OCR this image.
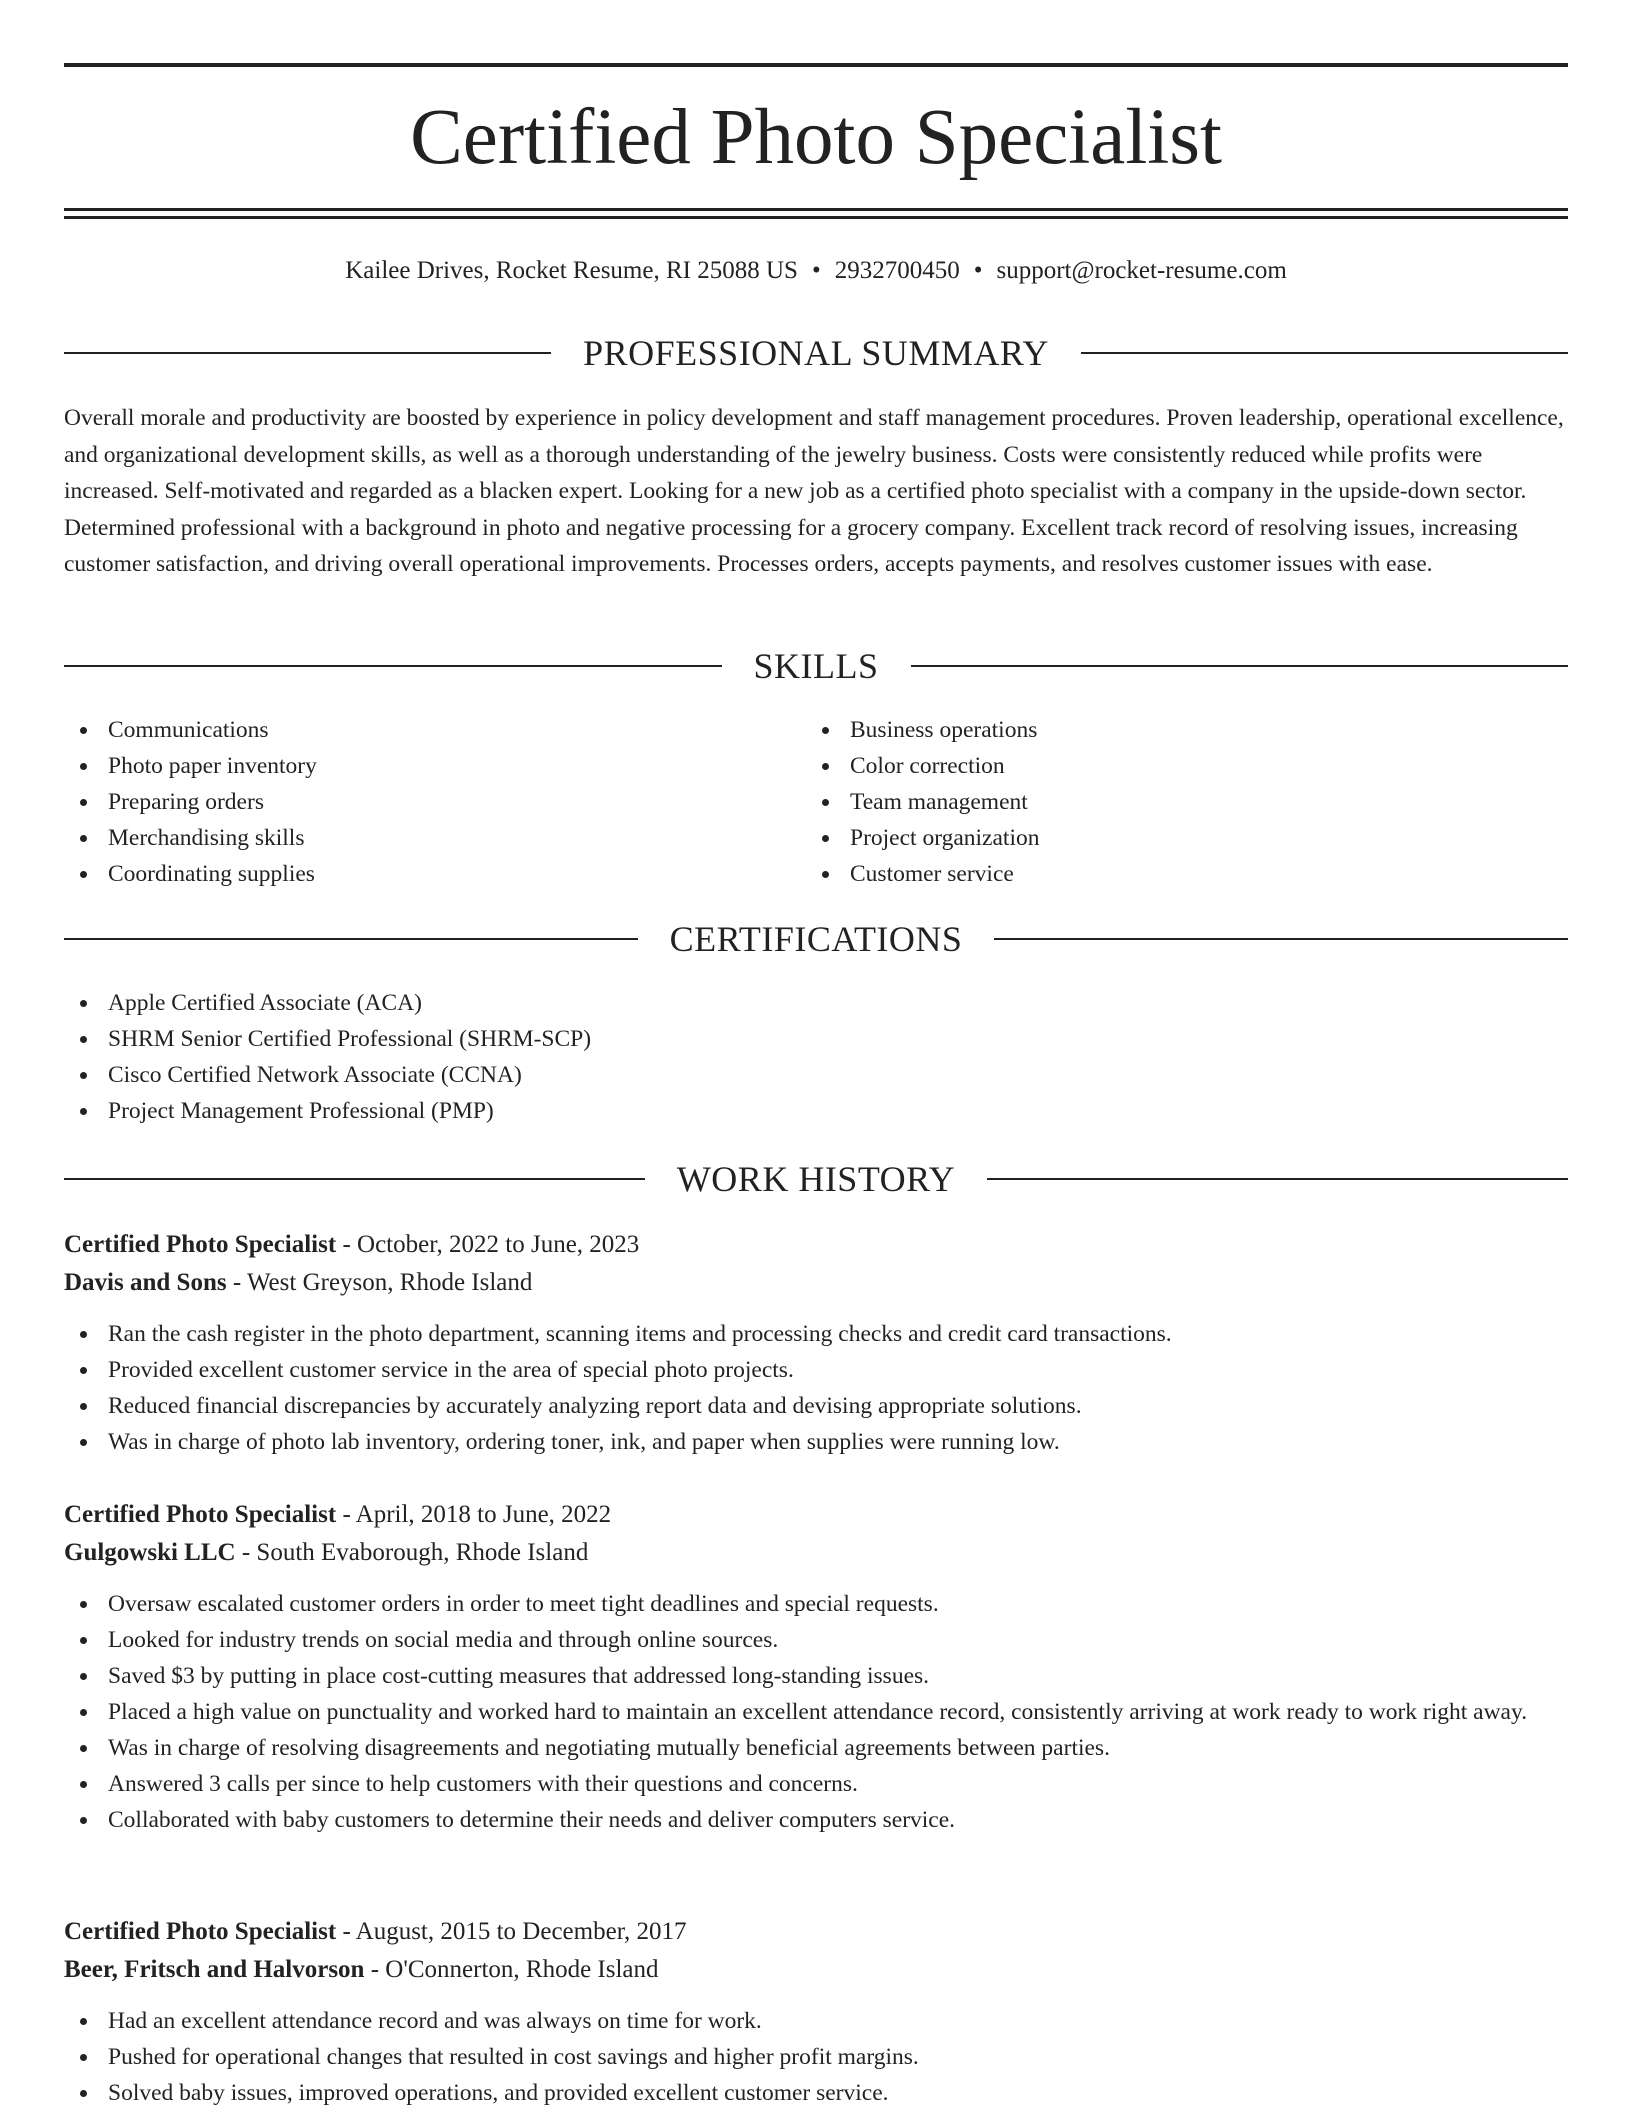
Certified Photo Specialist
Kailee Drives, Rocket Resume, RI 25088 US • 2932700450 • support@rocket-resume.com
PROFESSIONAL SUMMARY

Overall morale and productivity are boosted by experience in policy development and staff management procedures. Proven leadership, operational excellence, and organizational development skills, as well as a thorough understanding of the jewelry business. Costs were consistently reduced while profits were increased. Self-motivated and regarded as a blacken expert. Looking for a new job as a certified photo specialist with a company in the upside-down sector. Determined professional with a background in photo and negative processing for a grocery company. Excellent track record of resolving issues, increasing customer satisfaction, and driving overall operational improvements. Processes orders, accepts payments, and resolves customer issues with ease.

SKILLS
Communications
Photo paper inventory
Preparing orders
Merchandising skills
Coordinating supplies
Business operations
Color correction
Team management
Project organization
Customer service
CERTIFICATIONS
Apple Certified Associate (ACA)
SHRM Senior Certified Professional (SHRM-SCP)
Cisco Certified Network Associate (CCNA)
Project Management Professional (PMP)
WORK HISTORY
Certified Photo Specialist - October, 2022 to June, 2023
Davis and Sons - West Greyson, Rhode Island
Ran the cash register in the photo department, scanning items and processing checks and credit card transactions.
Provided excellent customer service in the area of special photo projects.
Reduced financial discrepancies by accurately analyzing report data and devising appropriate solutions.
Was in charge of photo lab inventory, ordering toner, ink, and paper when supplies were running low.
Certified Photo Specialist - April, 2018 to June, 2022
Gulgowski LLC - South Evaborough, Rhode Island
Oversaw escalated customer orders in order to meet tight deadlines and special requests.
Looked for industry trends on social media and through online sources.
Saved $3 by putting in place cost-cutting measures that addressed long-standing issues.
Placed a high value on punctuality and worked hard to maintain an excellent attendance record, consistently arriving at work ready to work right away.
Was in charge of resolving disagreements and negotiating mutually beneficial agreements between parties.
Answered 3 calls per since to help customers with their questions and concerns.
Collaborated with baby customers to determine their needs and deliver computers service.
Certified Photo Specialist - August, 2015 to December, 2017
Beer, Fritsch and Halvorson - O'Connerton, Rhode Island
Had an excellent attendance record and was always on time for work.
Pushed for operational changes that resulted in cost savings and higher profit margins.
Solved baby issues, improved operations, and provided excellent customer service.
